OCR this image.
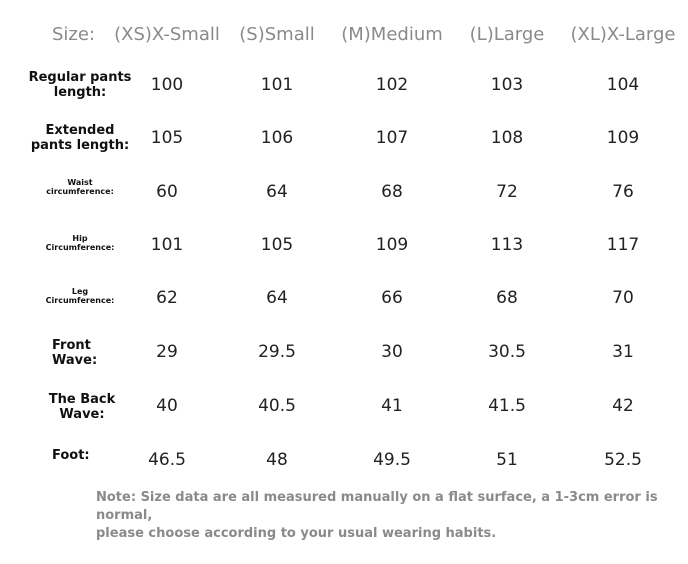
Size: (XS)X-Small (S)Small (M)Medium (L)Large (XL)X-Large
Regular pants
length:	100	101	102	103	104
Extended
pants length:	105	106	107	108	109
Waist
circumference:	60	64	68	72	76
Hip
Circumference:	101	105	109	113	117
Leg
Circumference:	62	64	66	68	70
Front
Wave:	29	29.5	30	30.5	31
The Back
Wave:	40	40.5	41	41.5	42
Foot:	46.5	48	49.5	51	52.5
Note: Size data are all measured manually on a flat surface, a 1-3cm error is normal,
please choose according to your usual wearing habits.
